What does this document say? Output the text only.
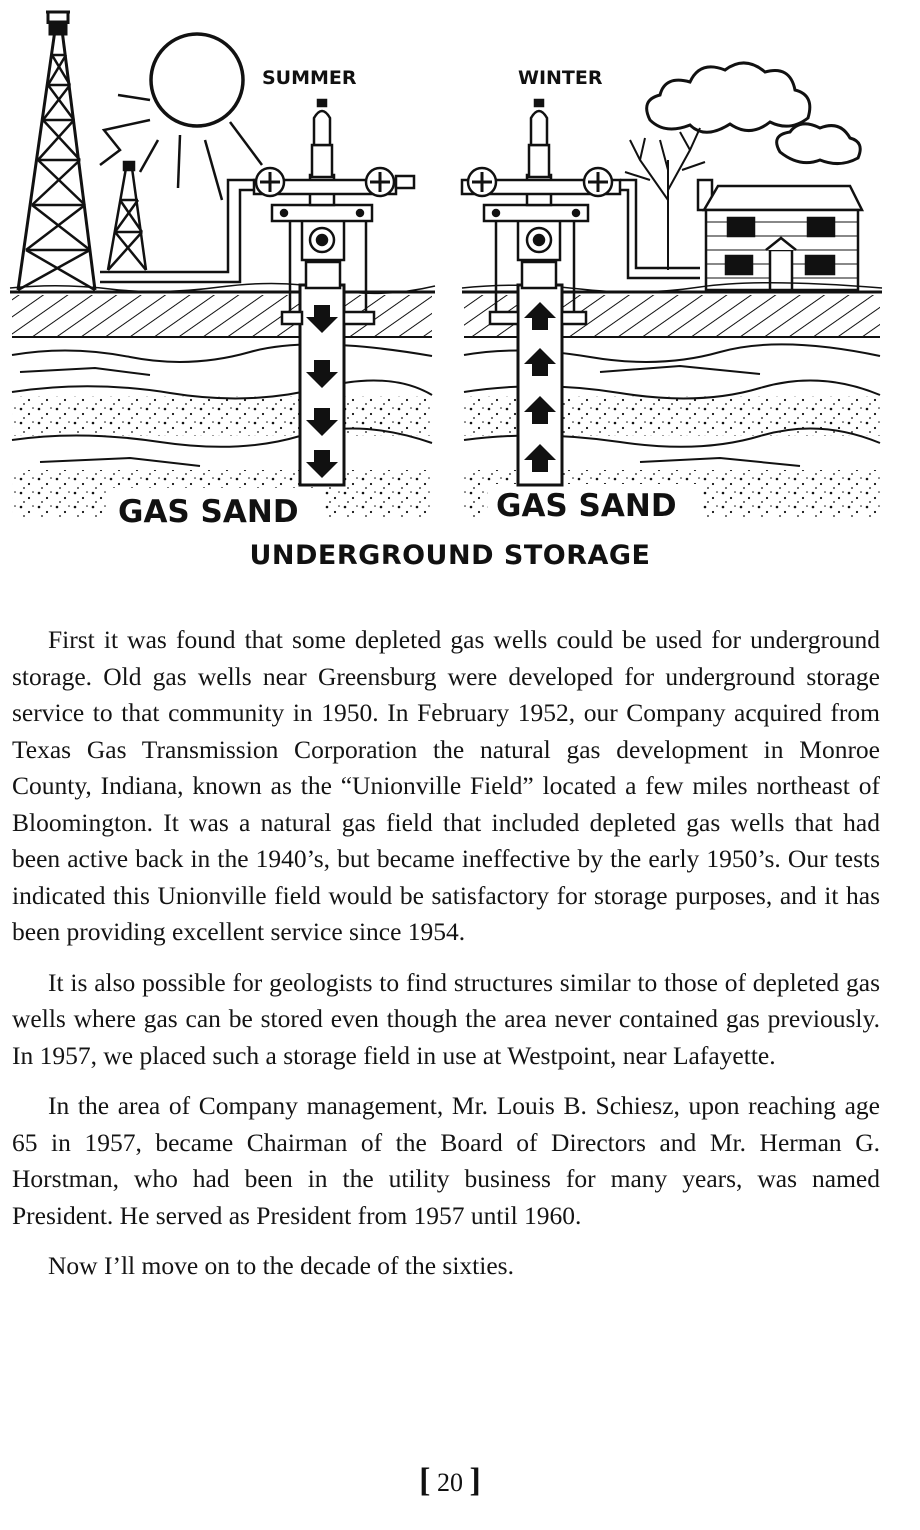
SUMMER
GAS SAND
WINTER
GAS SAND
UNDERGROUND STORAGE

First it was found that some depleted gas wells could be used for underground storage. Old gas wells near Greensburg were developed for underground storage service to that community in 1950. In February 1952, our Company acquired from Texas Gas Transmission Corporation the natural gas development in Monroe County, Indiana, known as the “Unionville Field” located a few miles northeast of Bloomington. It was a natural gas field that included depleted gas wells that had been active back in the 1940’s, but became ineffective by the early 1950’s. Our tests indicated this Unionville field would be satisfactory for storage purposes, and it has been providing excellent service since 1954.

It is also possible for geologists to find structures similar to those of depleted gas wells where gas can be stored even though the area never contained gas previously. In 1957, we placed such a storage field in use at Westpoint, near Lafayette.

In the area of Company management, Mr. Louis B. Schiesz, upon reaching age 65 in 1957, became Chairman of the Board of Directors and Mr. Herman G. Horstman, who had been in the utility business for many years, was named President. He served as President from 1957 until 1960.

Now I’ll move on to the decade of the sixties.

[ 20 ]
